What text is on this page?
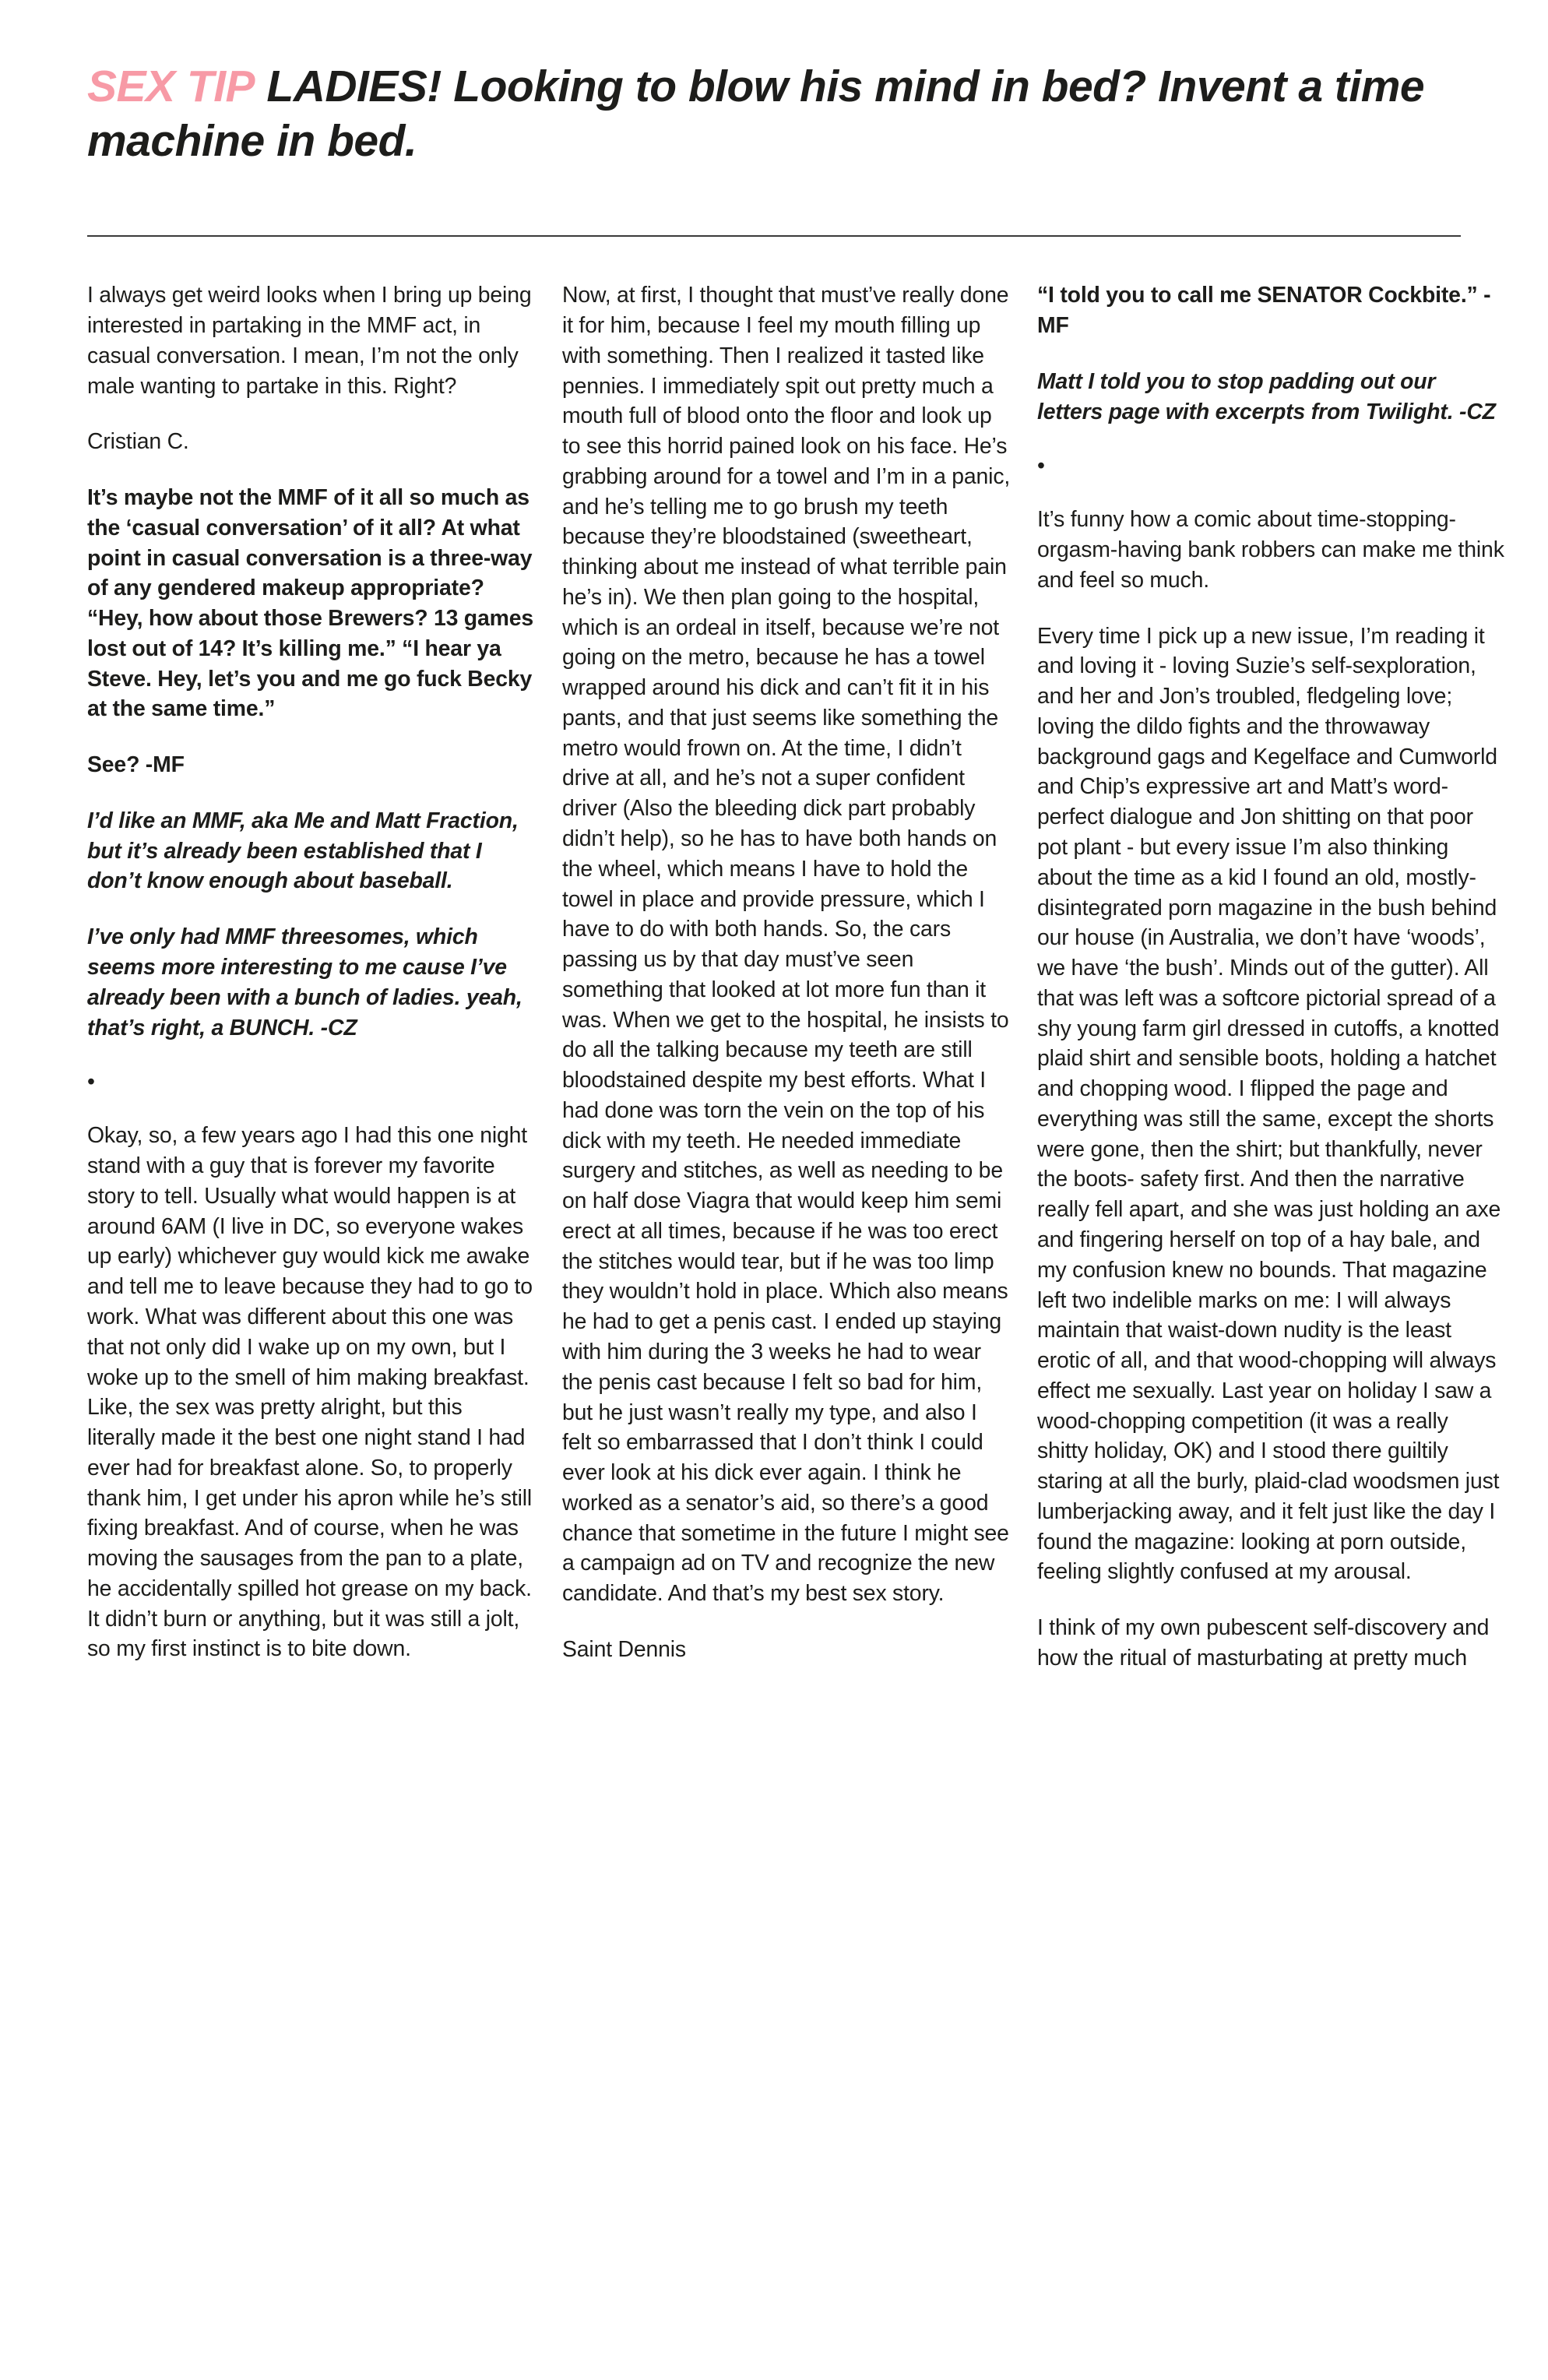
SEX TIP LADIES! Looking to blow his mind in bed? Invent a time machine in bed.

I always get weird looks when I bring up being interested in partaking in the MMF act, in casual conversation. I mean, I’m not the only male wanting to partake in this. Right?

Cristian C.

It’s maybe not the MMF of it all so much as the ‘casual conversation’ of it all? At what point in casual conversation is a three-way of any gendered makeup appropriate? “Hey, how about those Brewers? 13 games lost out of 14? It’s killing me.” “I hear ya Steve. Hey, let’s you and me go fuck Becky at the same time.”

See? -MF

I’d like an MMF, aka Me and Matt Fraction, but it’s already been established that I don’t know enough about baseball.

I’ve only had MMF threesomes, which seems more interesting to me cause I’ve already been with a bunch of ladies. yeah, that’s right, a BUNCH. -CZ

•

Okay, so, a few years ago I had this one night stand with a guy that is forever my favorite story to tell. Usually what would happen is at around 6AM (I live in DC, so everyone wakes up early) whichever guy would kick me awake and tell me to leave because they had to go to work. What was different about this one was that not only did I wake up on my own, but I woke up to the smell of him making breakfast. Like, the sex was pretty alright, but this literally made it the best one night stand I had ever had for breakfast alone. So, to properly thank him, I get under his apron while he’s still fixing breakfast. And of course, when he was moving the sausages from the pan to a plate, he accidentally spilled hot grease on my back. It didn’t burn or anything, but it was still a jolt, so my first instinct is to bite down.

Now, at first, I thought that must’ve really done it for him, because I feel my mouth filling up with something. Then I realized it tasted like pennies. I immediately spit out pretty much a mouth full of blood onto the floor and look up to see this horrid pained look on his face. He’s grabbing around for a towel and I’m in a panic, and he’s telling me to go brush my teeth because they’re bloodstained (sweetheart, thinking about me instead of what terrible pain he’s in). We then plan going to the hospital, which is an ordeal in itself, because we’re not going on the metro, because he has a towel wrapped around his dick and can’t fit it in his pants, and that just seems like something the metro would frown on. At the time, I didn’t drive at all, and he’s not a super confident driver (Also the bleeding dick part probably didn’t help), so he has to have both hands on the wheel, which means I have to hold the towel in place and provide pressure, which I have to do with both hands. So, the cars passing us by that day must’ve seen something that looked at lot more fun than it was. When we get to the hospital, he insists to do all the talking because my teeth are still bloodstained despite my best efforts. What I had done was torn the vein on the top of his dick with my teeth. He needed immediate surgery and stitches, as well as needing to be on half dose Viagra that would keep him semi erect at all times, because if he was too erect the stitches would tear, but if he was too limp they wouldn’t hold in place. Which also means he had to get a penis cast. I ended up staying with him during the 3 weeks he had to wear the penis cast because I felt so bad for him, but he just wasn’t really my type, and also I felt so embarrassed that I don’t think I could ever look at his dick ever again. I think he worked as a senator’s aid, so there’s a good chance that sometime in the future I might see a campaign ad on TV and recognize the new candidate. And that’s my best sex story.

Saint Dennis

“I told you to call me SENATOR Cockbite.” -MF

Matt I told you to stop padding out our letters page with excerpts from Twilight. -CZ

•

It’s funny how a comic about time-stopping-orgasm-having bank robbers can make me think and feel so much.

Every time I pick up a new issue, I’m reading it and loving it - loving Suzie’s self-sexploration, and her and Jon’s troubled, fledgeling love; loving the dildo fights and the throwaway background gags and Kegelface and Cumworld and Chip’s expressive art and Matt’s word-perfect dialogue and Jon shitting on that poor pot plant - but every issue I’m also thinking about the time as a kid I found an old, mostly-disintegrated porn magazine in the bush behind our house (in Australia, we don’t have ‘woods’, we have ‘the bush’. Minds out of the gutter). All that was left was a softcore pictorial spread of a shy young farm girl dressed in cutoffs, a knotted plaid shirt and sensible boots, holding a hatchet and chopping wood. I flipped the page and everything was still the same, except the shorts were gone, then the shirt; but thankfully, never the boots- safety first. And then the narrative really fell apart, and she was just holding an axe and fingering herself on top of a hay bale, and my confusion knew no bounds. That magazine left two indelible marks on me: I will always maintain that waist-down nudity is the least erotic of all, and that wood-chopping will always effect me sexually. Last year on holiday I saw a wood-chopping competition (it was a really shitty holiday, OK) and I stood there guiltily staring at all the burly, plaid-clad woodsmen just lumberjacking away, and it felt just like the day I found the magazine: looking at porn outside, feeling slightly confused at my arousal.

I think of my own pubescent self-discovery and how the ritual of masturbating at pretty much
